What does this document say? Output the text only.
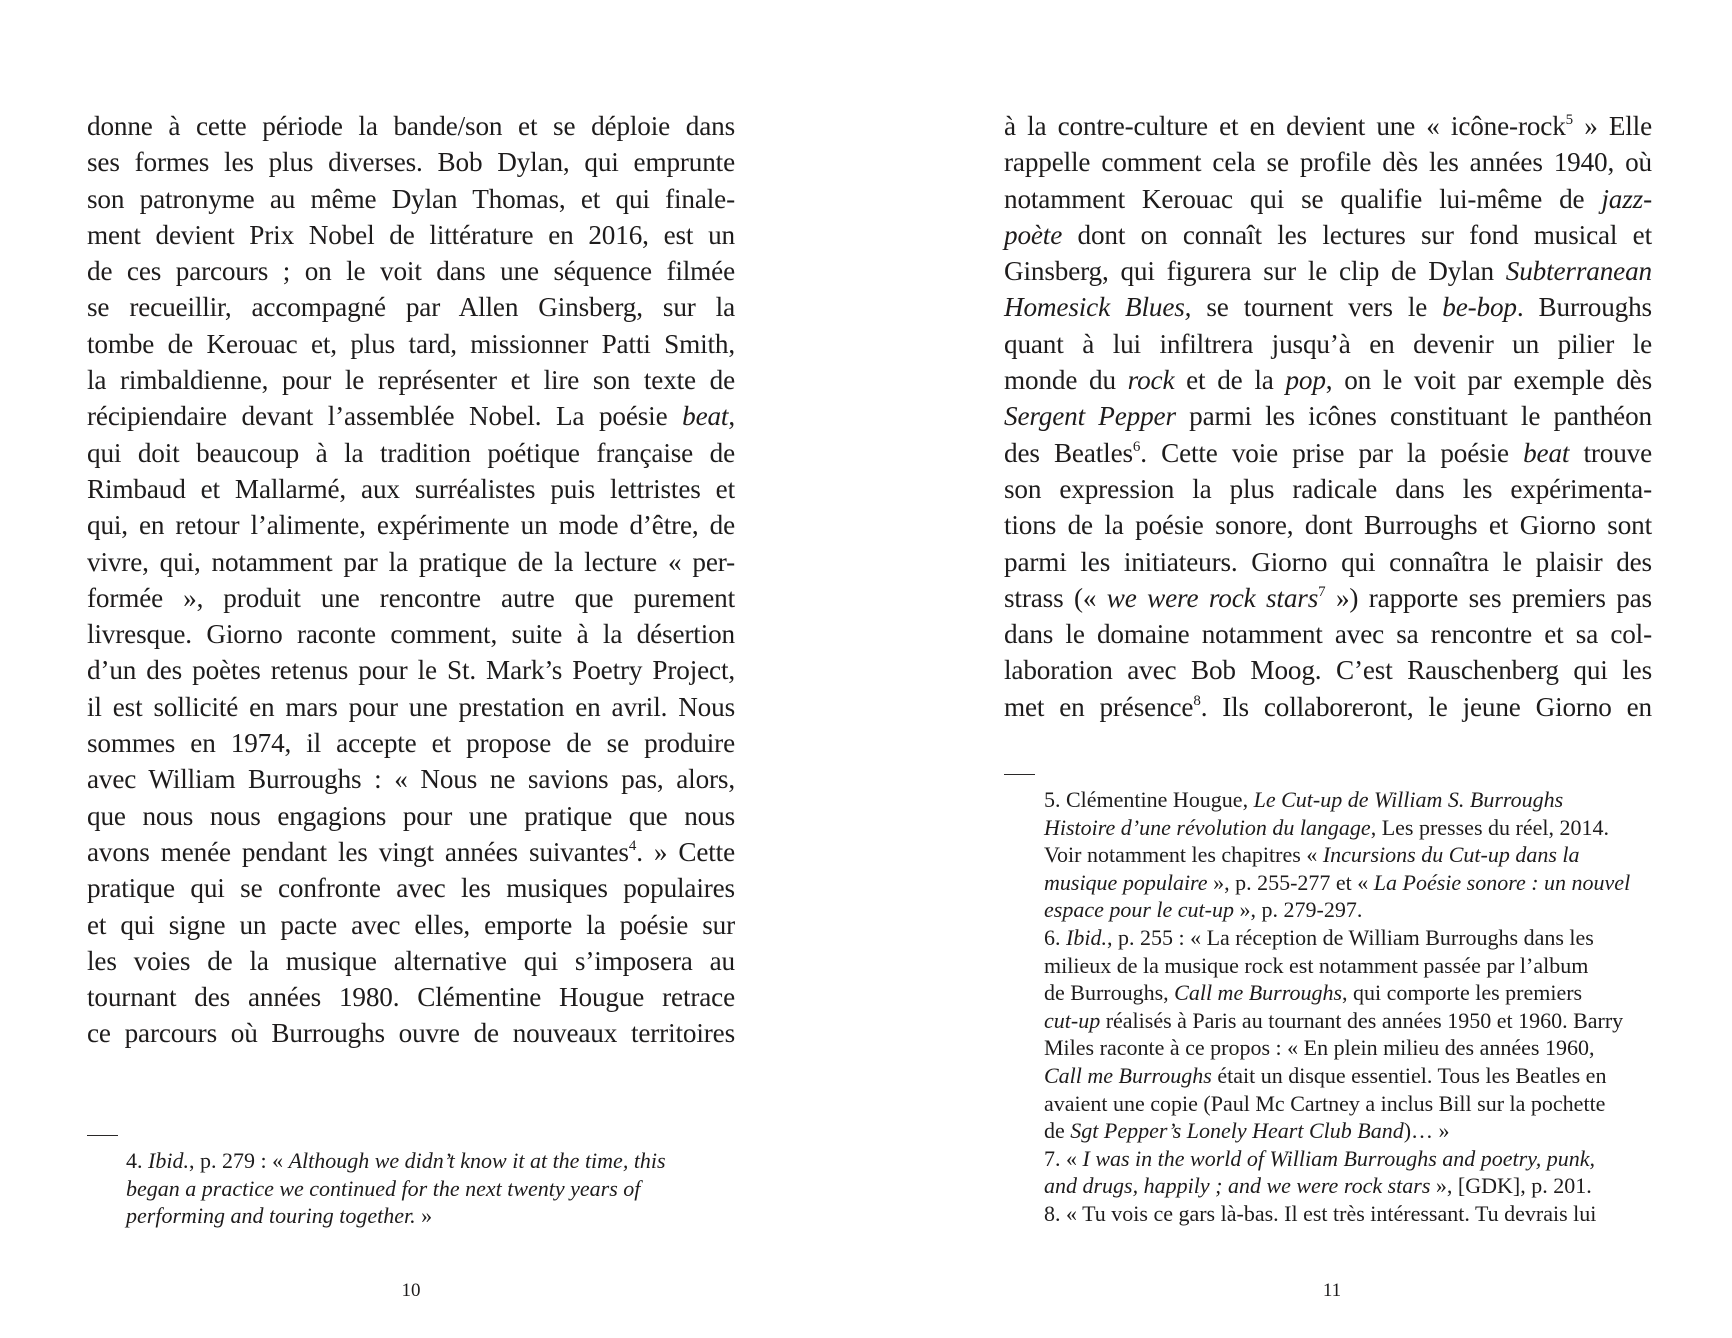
donne à cette période la bande/son et se déploie dans
ses formes les plus diverses. Bob Dylan, qui emprunte
son patronyme au même Dylan Thomas, et qui finale-
ment devient Prix Nobel de littérature en 2016, est un
de ces parcours ; on le voit dans une séquence filmée
se recueillir, accompagné par Allen Ginsberg, sur la
tombe de Kerouac et, plus tard, missionner Patti Smith,
la rimbaldienne, pour le représenter et lire son texte de
récipiendaire devant l’assemblée Nobel. La poésie beat,
qui doit beaucoup à la tradition poétique française de
Rimbaud et Mallarmé, aux surréalistes puis lettristes et
qui, en retour l’alimente, expérimente un mode d’être, de
vivre, qui, notamment par la pratique de la lecture « per-
formée », produit une rencontre autre que purement
livresque. Giorno raconte comment, suite à la désertion
d’un des poètes retenus pour le St. Mark’s Poetry Project,
il est sollicité en mars pour une prestation en avril. Nous
sommes en 1974, il accepte et propose de se produire
avec William Burroughs : « Nous ne savions pas, alors,
que nous nous engagions pour une pratique que nous
avons menée pendant les vingt années suivantes$^4$. » Cette
pratique qui se confronte avec les musiques populaires
et qui signe un pacte avec elles, emporte la poésie sur
les voies de la musique alternative qui s’imposera au
tournant des années 1980. Clémentine Hougue retrace
ce parcours où Burroughs ouvre de nouveaux territoires
4. Ibid., p. 279 : « Although we didn’t know it at the time, this
began a practice we continued for the next twenty years of
performing and touring together. »
10
à la contre-culture et en devient une « icône-rock$^5$ » Elle
rappelle comment cela se profile dès les années 1940, où
notamment Kerouac qui se qualifie lui-même de jazz-
poète dont on connaît les lectures sur fond musical et
Ginsberg, qui figurera sur le clip de Dylan Subterranean
Homesick Blues, se tournent vers le be-bop. Burroughs
quant à lui infiltrera jusqu’à en devenir un pilier le
monde du rock et de la pop, on le voit par exemple dès
Sergent Pepper parmi les icônes constituant le panthéon
des Beatles$^6$. Cette voie prise par la poésie beat trouve
son expression la plus radicale dans les expérimenta-
tions de la poésie sonore, dont Burroughs et Giorno sont
parmi les initiateurs. Giorno qui connaîtra le plaisir des
strass (« we were rock stars$^7$ ») rapporte ses premiers pas
dans le domaine notamment avec sa rencontre et sa col-
laboration avec Bob Moog. C’est Rauschenberg qui les
met en présence$^8$. Ils collaboreront, le jeune Giorno en
5. Clémentine Hougue, Le Cut-up de William S. Burroughs
Histoire d’une révolution du langage, Les presses du réel, 2014.
Voir notamment les chapitres « Incursions du Cut-up dans la
musique populaire », p. 255-277 et « La Poésie sonore : un nouvel
espace pour le cut-up », p. 279-297.
6. Ibid., p. 255 : « La réception de William Burroughs dans les
milieux de la musique rock est notamment passée par l’album
de Burroughs, Call me Burroughs, qui comporte les premiers
cut-up réalisés à Paris au tournant des années 1950 et 1960. Barry
Miles raconte à ce propos : « En plein milieu des années 1960,
Call me Burroughs était un disque essentiel. Tous les Beatles en
avaient une copie (Paul Mc Cartney a inclus Bill sur la pochette
de Sgt Pepper’s Lonely Heart Club Band)… »
7. « I was in the world of William Burroughs and poetry, punk,
and drugs, happily ; and we were rock stars », [GDK], p. 201.
8. « Tu vois ce gars là-bas. Il est très intéressant. Tu devrais lui
11
